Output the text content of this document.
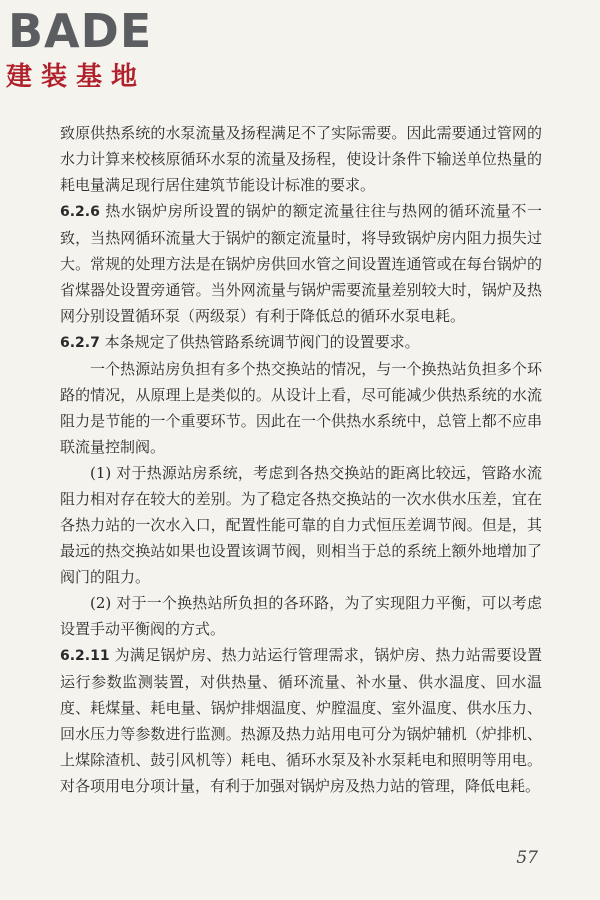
BADE
建装基地

致原供热系统的水泵流量及扬程满足不了实际需要。因此需要通过管网的水力计算来校核原循环水泵的流量及扬程，使设计条件下输送单位热量的耗电量满足现行居住建筑节能设计标准的要求。

6.2.6 热水锅炉房所设置的锅炉的额定流量往往与热网的循环流量不一致，当热网循环流量大于锅炉的额定流量时，将导致锅炉房内阻力损失过大。常规的处理方法是在锅炉房供回水管之间设置连通管或在每台锅炉的省煤器处设置旁通管。当外网流量与锅炉需要流量差别较大时，锅炉及热网分别设置循环泵（两级泵）有利于降低总的循环水泵电耗。

6.2.7 本条规定了供热管路系统调节阀门的设置要求。

一个热源站房负担有多个热交换站的情况，与一个换热站负担多个环路的情况，从原理上是类似的。从设计上看，尽可能减少供热系统的水流阻力是节能的一个重要环节。因此在一个供热水系统中，总管上都不应串联流量控制阀。

(1) 对于热源站房系统，考虑到各热交换站的距离比较远，管路水流阻力相对存在较大的差别。为了稳定各热交换站的一次水供水压差，宜在各热力站的一次水入口，配置性能可靠的自力式恒压差调节阀。但是，其最远的热交换站如果也设置该调节阀，则相当于总的系统上额外地增加了阀门的阻力。

(2) 对于一个换热站所负担的各环路，为了实现阻力平衡，可以考虑设置手动平衡阀的方式。

6.2.11 为满足锅炉房、热力站运行管理需求，锅炉房、热力站需要设置运行参数监测装置，对供热量、循环流量、补水量、供水温度、回水温度、耗煤量、耗电量、锅炉排烟温度、炉膛温度、室外温度、供水压力、回水压力等参数进行监测。热源及热力站用电可分为锅炉辅机（炉排机、上煤除渣机、鼓引风机等）耗电、循环水泵及补水泵耗电和照明等用电。对各项用电分项计量，有利于加强对锅炉房及热力站的管理，降低电耗。

57
